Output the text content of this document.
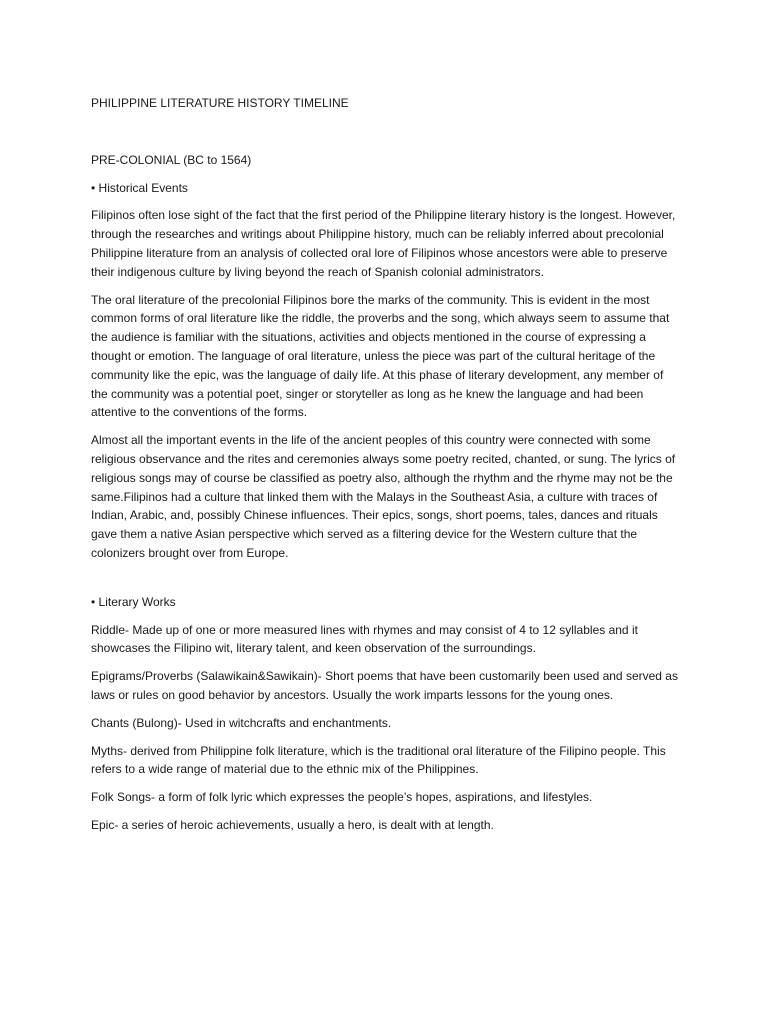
PHILIPPINE LITERATURE HISTORY TIMELINE
PRE-COLONIAL (BC to 1564)
• Historical Events
Filipinos often lose sight of the fact that the first period of the Philippine literary history is the longest. However, through the researches and writings about Philippine history, much can be reliably inferred about precolonial Philippine literature from an analysis of collected oral lore of Filipinos whose ancestors were able to preserve their indigenous culture by living beyond the reach of Spanish colonial administrators.
The oral literature of the precolonial Filipinos bore the marks of the community. This is evident in the most common forms of oral literature like the riddle, the proverbs and the song, which always seem to assume that the audience is familiar with the situations, activities and objects mentioned in the course of expressing a thought or emotion. The language of oral literature, unless the piece was part of the cultural heritage of the community like the epic, was the language of daily life. At this phase of literary development, any member of the community was a potential poet, singer or storyteller as long as he knew the language and had been attentive to the conventions of the forms.
Almost all the important events in the life of the ancient peoples of this country were connected with some religious observance and the rites and ceremonies always some poetry recited, chanted, or sung. The lyrics of religious songs may of course be classified as poetry also, although the rhythm and the rhyme may not be the same.Filipinos had a culture that linked them with the Malays in the Southeast Asia, a culture with traces of Indian, Arabic, and, possibly Chinese influences. Their epics, songs, short poems, tales, dances and rituals gave them a native Asian perspective which served as a filtering device for the Western culture that the colonizers brought over from Europe.
• Literary Works
Riddle- Made up of one or more measured lines with rhymes and may consist of 4 to 12 syllables and it showcases the Filipino wit, literary talent, and keen observation of the surroundings.
Epigrams/Proverbs (Salawikain&Sawikain)- Short poems that have been customarily been used and served as laws or rules on good behavior by ancestors. Usually the work imparts lessons for the young ones.
Chants (Bulong)- Used in witchcrafts and enchantments.
Myths- derived from Philippine folk literature, which is the traditional oral literature of the Filipino people. This refers to a wide range of material due to the ethnic mix of the Philippines.
Folk Songs- a form of folk lyric which expresses the people’s hopes, aspirations, and lifestyles.
Epic- a series of heroic achievements, usually a hero, is dealt with at length.
